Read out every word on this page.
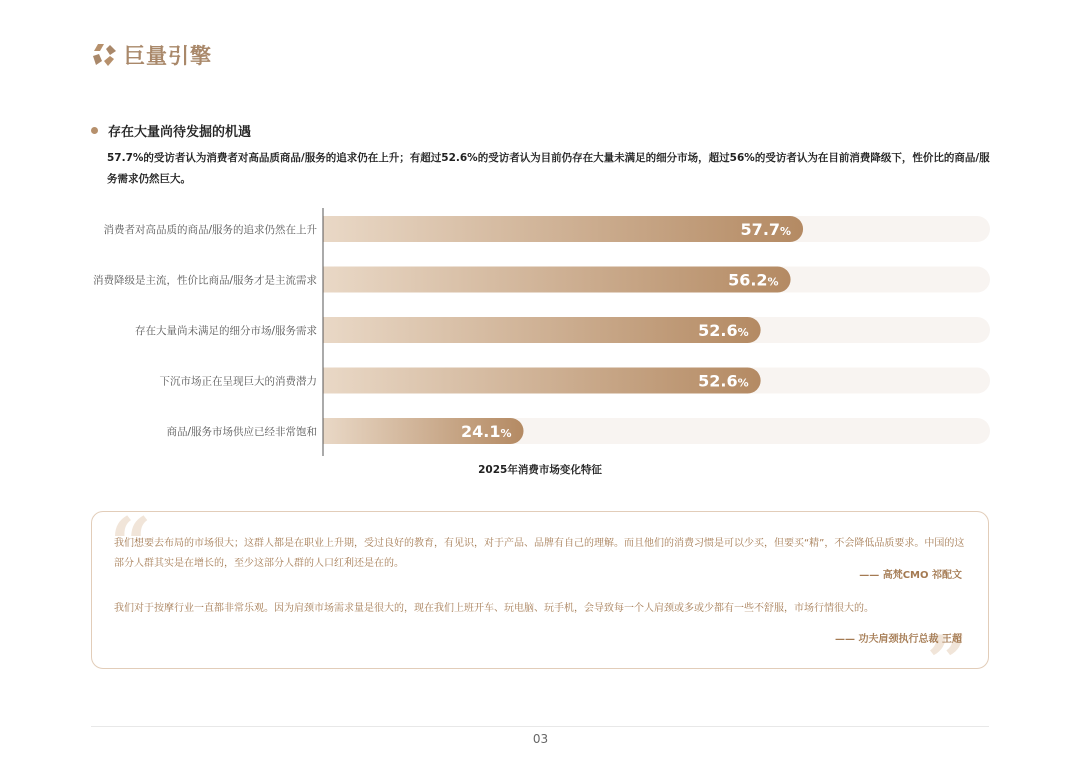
巨量引擎
存在大量尚待发掘的机遇
57.7%的受访者认为消费者对高品质商品/服务的追求仍在上升；有超过52.6%的受访者认为目前仍存在大量未满足的细分市场，超过56%的受访者认为在目前消费降级下，性价比的商品/服务需求仍然巨大。
消费者对高品质的商品/服务的追求仍然在上升	57.7%
消费降级是主流，性价比商品/服务才是主流需求	56.2%
存在大量尚未满足的细分市场/服务需求	52.6%
下沉市场正在呈现巨大的消费潜力	52.6%
商品/服务市场供应已经非常饱和	24.1%
2025年消费市场变化特征
“
”
我们想要去布局的市场很大；这群人都是在职业上升期，受过良好的教育，有见识，对于产品、品牌有自己的理解。而且他们的消费习惯是可以少买，但要买“精”，不会降低品质要求。中国的这部分人群其实是在增长的，至少这部分人群的人口红利还是在的。
—— 高梵CMO 祁配文
我们对于按摩行业一直都非常乐观。因为肩颈市场需求量是很大的，现在我们上班开车、玩电脑、玩手机，会导致每一个人肩颈或多或少都有一些不舒服，市场行情很大的。
—— 功夫肩颈执行总裁 王超
03
